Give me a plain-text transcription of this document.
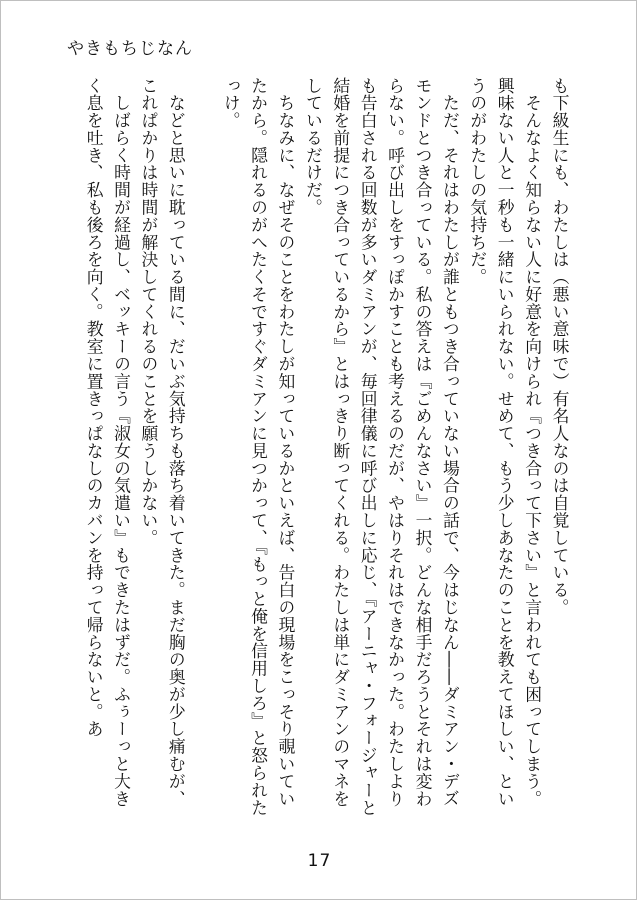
やきもちじなん

も下級生にも、わたしは（悪い意味で）有名人なのは自覚している。

　そんなよく知らない人に好意を向けられ『つき合って下さい』と言われても困ってしまう。興味ない人と一秒も一緒にいられない。せめて、もう少しあなたのことを教えてほしい、というのがわたしの気持ちだ。

　ただ、それはわたしが誰ともつき合っていない場合の話で、今はじなん――ダミアン・デズモンドとつき合っている。私の答えは『ごめんなさい』一択。どんな相手だろうとそれは変わらない。呼び出しをすっぽかすことも考えるのだが、やはりそれはできなかった。わたしよりも告白される回数が多いダミアンが、毎回律儀に呼び出しに応じ、『アーニャ・フォージャーと結婚を前提につき合っているから』とはっきり断ってくれる。わたしは単にダミアンのマネをしているだけだ。

　ちなみに、なぜそのことをわたしが知っているかといえば、告白の現場をこっそり覗いていたから。隠れるのがへたくそですぐダミアンに見つかって、『もっと俺を信用しろ』と怒られたっけ。

　などと思いに耽っている間に、だいぶ気持ちも落ち着いてきた。まだ胸の奥が少し痛むが、これぱかりは時間が解決してくれるのことを願うしかない。

　しばらく時間が経過し、ベッキーの言う『淑女の気遣い』もできたはずだ。ふぅーっと大きく息を吐き、私も後ろを向く。教室に置きっぱなしのカバンを持って帰らないと。あ

17
